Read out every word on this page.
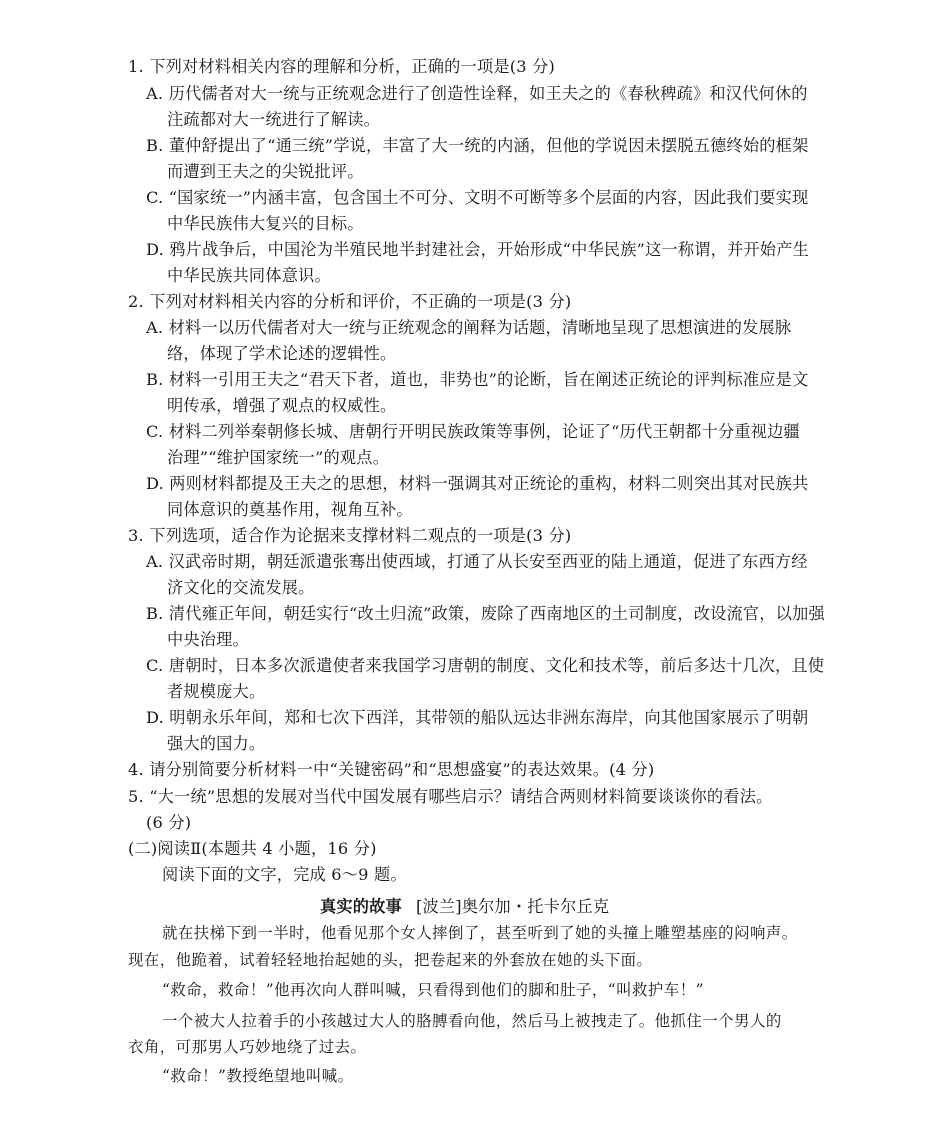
1. 下列对材料相关内容的理解和分析，正确的一项是(3 分)
A. 历代儒者对大一统与正统观念进行了创造性诠释，如王夫之的《春秋稗疏》和汉代何休的
注疏都对大一统进行了解读。
B. 董仲舒提出了“通三统”学说，丰富了大一统的内涵，但他的学说因未摆脱五德终始的框架
而遭到王夫之的尖锐批评。
C. “国家统一”内涵丰富，包含国土不可分、文明不可断等多个层面的内容，因此我们要实现
中华民族伟大复兴的目标。
D. 鸦片战争后，中国沦为半殖民地半封建社会，开始形成“中华民族”这一称谓，并开始产生
中华民族共同体意识。
2. 下列对材料相关内容的分析和评价，不正确的一项是(3 分)
A. 材料一以历代儒者对大一统与正统观念的阐释为话题，清晰地呈现了思想演进的发展脉
络，体现了学术论述的逻辑性。
B. 材料一引用王夫之“君天下者，道也，非势也”的论断，旨在阐述正统论的评判标准应是文
明传承，增强了观点的权威性。
C. 材料二列举秦朝修长城、唐朝行开明民族政策等事例，论证了“历代王朝都十分重视边疆
治理”“维护国家统一”的观点。
D. 两则材料都提及王夫之的思想，材料一强调其对正统论的重构，材料二则突出其对民族共
同体意识的奠基作用，视角互补。
3. 下列选项，适合作为论据来支撑材料二观点的一项是(3 分)
A. 汉武帝时期，朝廷派遣张骞出使西域，打通了从长安至西亚的陆上通道，促进了东西方经
济文化的交流发展。
B. 清代雍正年间，朝廷实行“改土归流”政策，废除了西南地区的土司制度，改设流官，以加强
中央治理。
C. 唐朝时，日本多次派遣使者来我国学习唐朝的制度、文化和技术等，前后多达十几次，且使
者规模庞大。
D. 明朝永乐年间，郑和七次下西洋，其带领的船队远达非洲东海岸，向其他国家展示了明朝
强大的国力。
4. 请分别简要分析材料一中“关键密码”和“思想盛宴”的表达效果。(4 分)
5. “大一统”思想的发展对当代中国发展有哪些启示？请结合两则材料简要谈谈你的看法。
(6 分)
(二)阅读Ⅱ(本题共 4 小题，16 分)
阅读下面的文字，完成 6～9 题。
真实的故事 [波兰]奥尔加・托卡尔丘克
就在扶梯下到一半时，他看见那个女人摔倒了，甚至听到了她的头撞上雕塑基座的闷响声。
现在，他跪着，试着轻轻地抬起她的头，把卷起来的外套放在她的头下面。
“救命，救命！”他再次向人群叫喊，只看得到他们的脚和肚子，“叫救护车！”
一个被大人拉着手的小孩越过大人的胳膊看向他，然后马上被拽走了。他抓住一个男人的
衣角，可那男人巧妙地绕了过去。
“救命！”教授绝望地叫喊。
